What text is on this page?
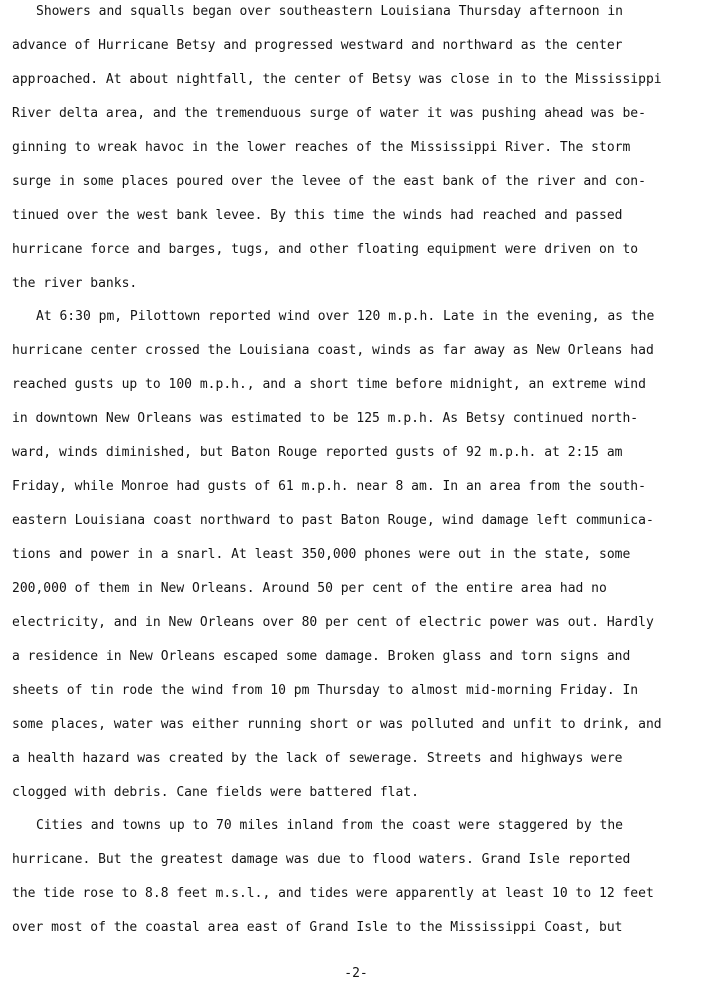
Showers and squalls began over southeastern Louisiana Thursday afternoon in
advance of Hurricane Betsy and progressed westward and northward as the center
approached. At about nightfall, the center of Betsy was close in to the Mississippi
River delta area, and the tremenduous surge of water it was pushing ahead was be-
ginning to wreak havoc in the lower reaches of the Mississippi River. The storm
surge in some places poured over the levee of the east bank of the river and con-
tinued over the west bank levee. By this time the winds had reached and passed
hurricane force and barges, tugs, and other floating equipment were driven on to
the river banks.
At 6:30 pm, Pilottown reported wind over 120 m.p.h. Late in the evening, as the
hurricane center crossed the Louisiana coast, winds as far away as New Orleans had
reached gusts up to 100 m.p.h., and a short time before midnight, an extreme wind
in downtown New Orleans was estimated to be 125 m.p.h. As Betsy continued north-
ward, winds diminished, but Baton Rouge reported gusts of 92 m.p.h. at 2:15 am
Friday, while Monroe had gusts of 61 m.p.h. near 8 am. In an area from the south-
eastern Louisiana coast northward to past Baton Rouge, wind damage left communica-
tions and power in a snarl. At least 350,000 phones were out in the state, some
200,000 of them in New Orleans. Around 50 per cent of the entire area had no
electricity, and in New Orleans over 80 per cent of electric power was out. Hardly
a residence in New Orleans escaped some damage. Broken glass and torn signs and
sheets of tin rode the wind from 10 pm Thursday to almost mid-morning Friday. In
some places, water was either running short or was polluted and unfit to drink, and
a health hazard was created by the lack of sewerage. Streets and highways were
clogged with debris. Cane fields were battered flat.
Cities and towns up to 70 miles inland from the coast were staggered by the
hurricane. But the greatest damage was due to flood waters. Grand Isle reported
the tide rose to 8.8 feet m.s.l., and tides were apparently at least 10 to 12 feet
over most of the coastal area east of Grand Isle to the Mississippi Coast, but
-2-
